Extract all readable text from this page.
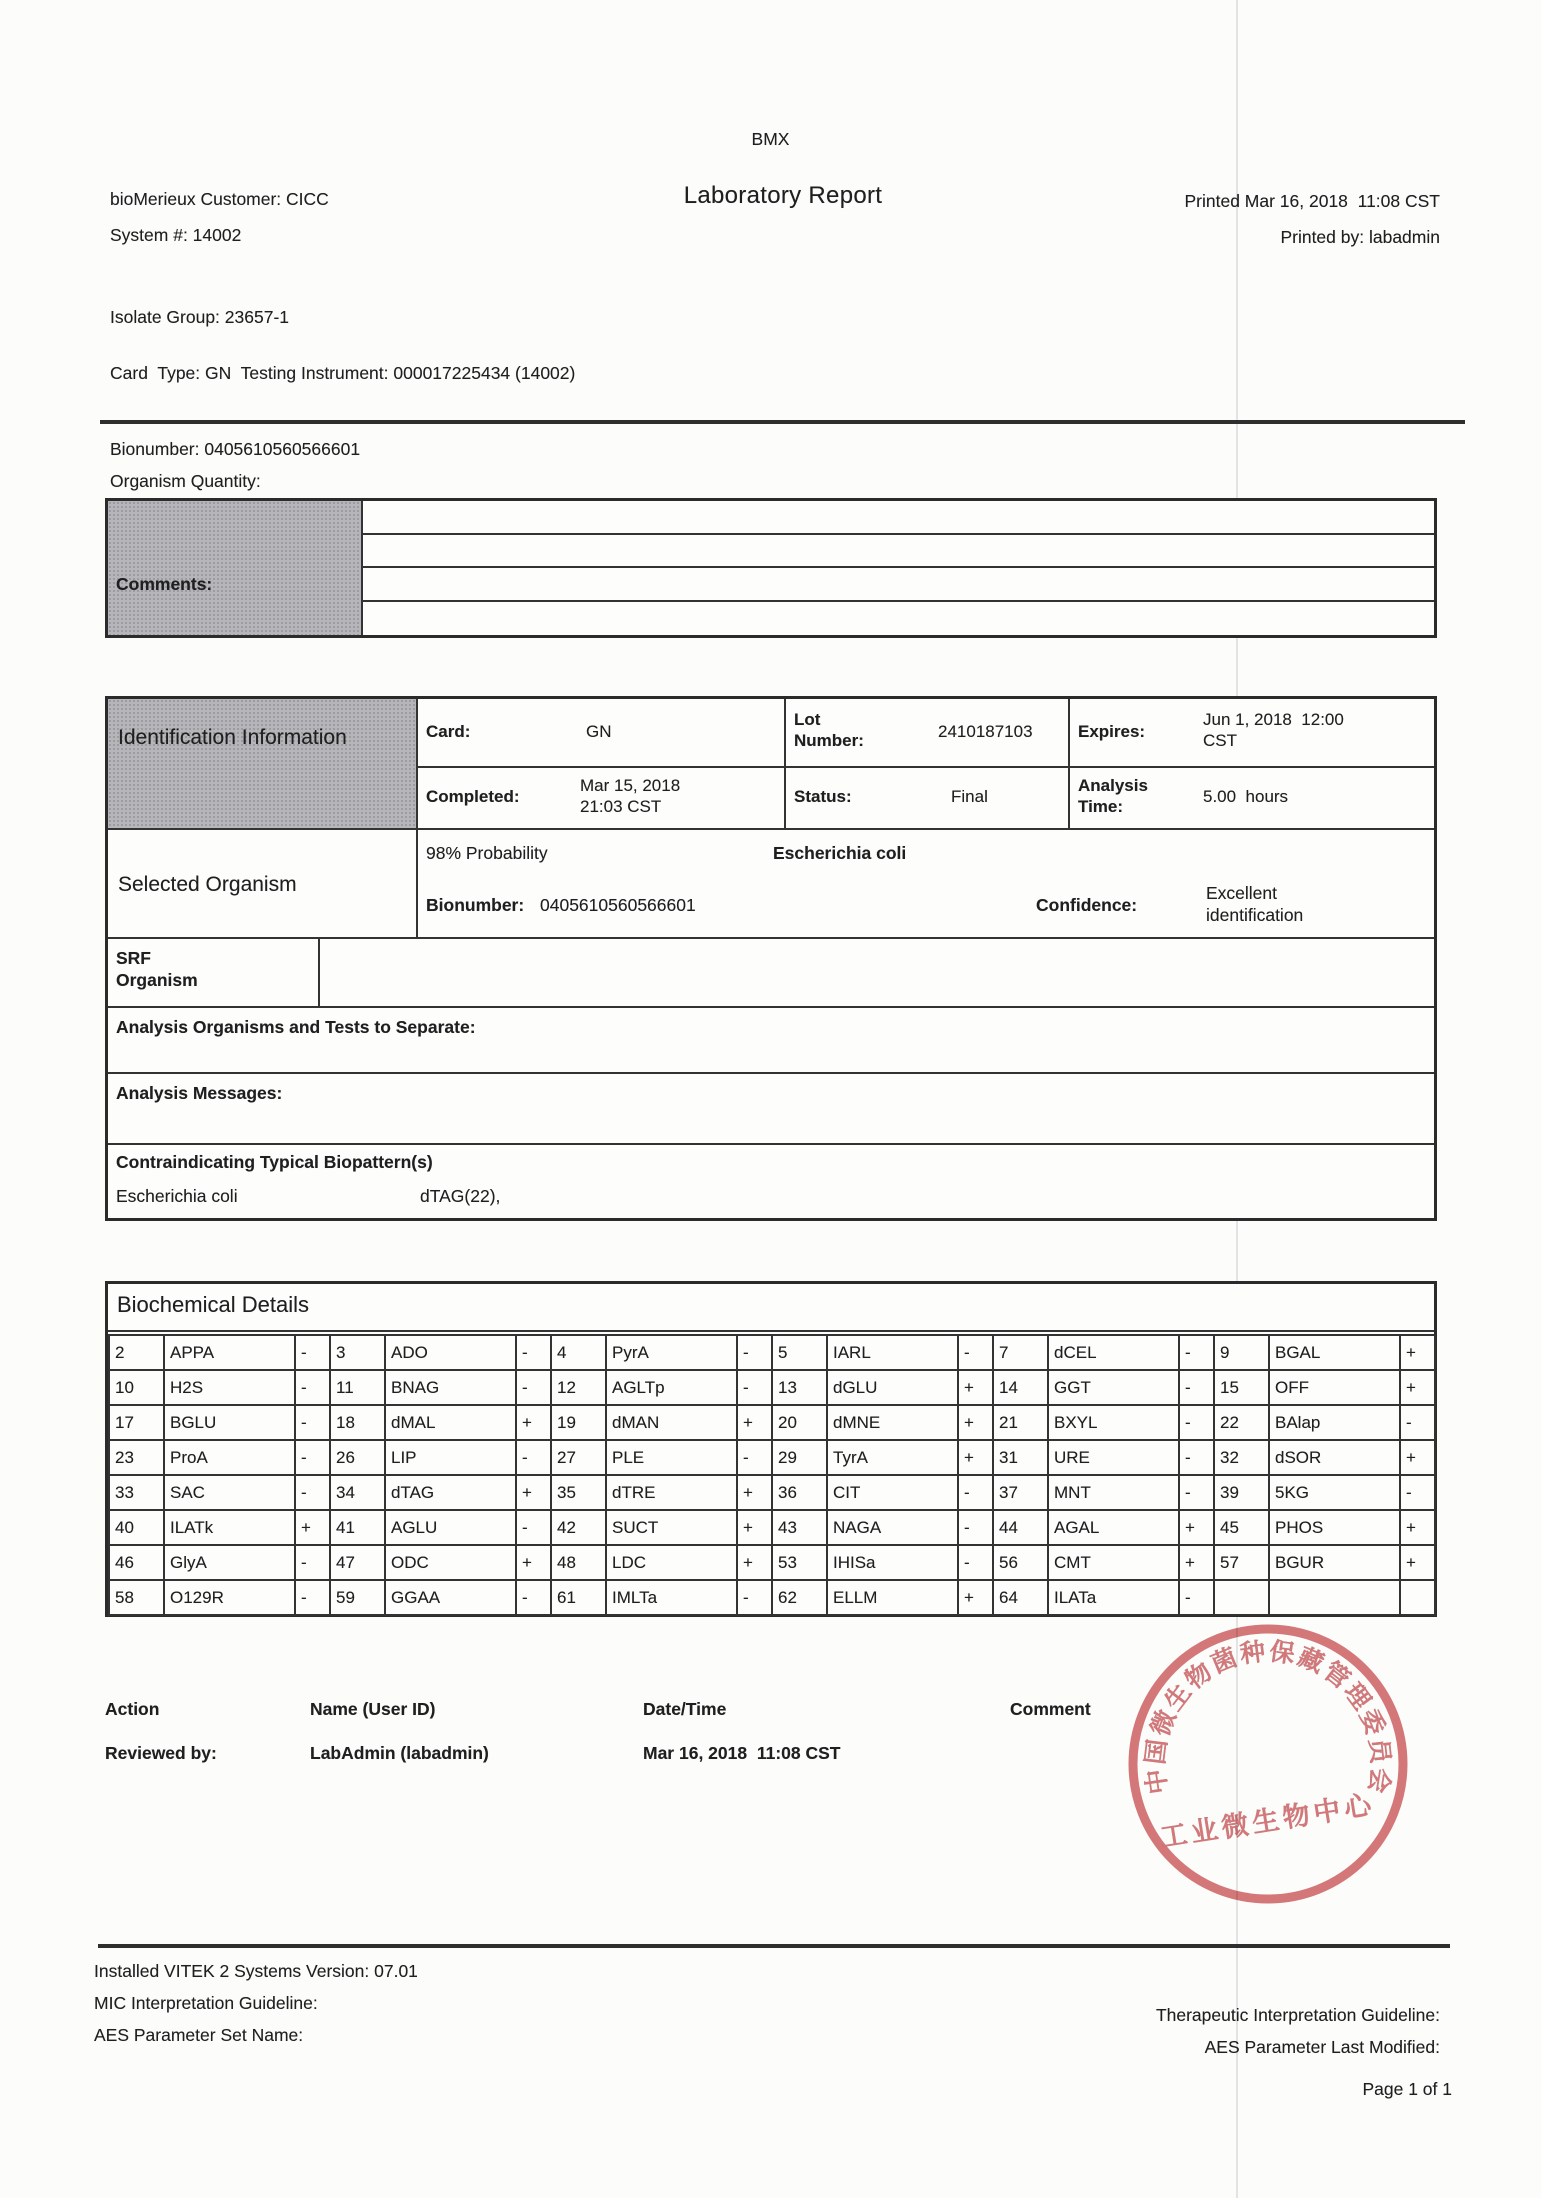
BMX
bioMerieux Customer: CICC
System #: 14002
Laboratory Report	Printed Mar 16, 2018  11:08 CST
Printed by: labadmin
Isolate Group: 23657-1
Card  Type: GN  Testing Instrument: 000017225434 (14002)
Bionumber: 0405610560566601
Organism Quantity:
Comments:
Identification Information	Card:	GN
Lot Number:	2410187103	Expires:
Jun 1, 2018  12:00 CST
Completed:
Mar 15, 2018 21:03 CST
Status:	Final
Analysis Time:
5.00  hours
Selected Organism
98% Probability	Escherichia coli
Bionumber: 0405610560566601	Confidence:
Excellent identification
SRF Organism
Analysis Organisms and Tests to Separate:
Analysis Messages:
Contraindicating Typical Biopattern(s)
Escherichia coli	dTAG(22),
Biochemical Details
2	APPA	-	3	ADO	-	4	PyrA	-	5	IARL	-	7	dCEL	-	9	BGAL	+
10	H2S	-	11	BNAG	-	12	AGLTp	-	13	dGLU	+	14	GGT	-	15	OFF	+
17	BGLU	-	18	dMAL	+	19	dMAN	+	20	dMNE	+	21	BXYL	-	22	BAlap	-
23	ProA	-	26	LIP	-	27	PLE	-	29	TyrA	+	31	URE	-	32	dSOR	+
33	SAC	-	34	dTAG	+	35	dTRE	+	36	CIT	-	37	MNT	-	39	5KG	-
40	ILATk	+	41	AGLU	-	42	SUCT	+	43	NAGA	-	44	AGAL	+	45	PHOS	+
46	GlyA	-	47	ODC	+	48	LDC	+	53	IHISa	-	56	CMT	+	57	BGUR	+
58	O129R	-	59	GGAA	-	61	IMLTa	-	62	ELLM	+	64	ILATa	-			
Action	Name (User ID)	Date/Time	Comment
Reviewed by:	LabAdmin (labadmin)	Mar 16, 2018  11:08 CST
中国微生物菌种保藏管理委员会
工业微生物中心
Installed VITEK 2 Systems Version: 07.01
MIC Interpretation Guideline:
AES Parameter Set Name:
Therapeutic Interpretation Guideline:
AES Parameter Last Modified:
Page 1 of 1
